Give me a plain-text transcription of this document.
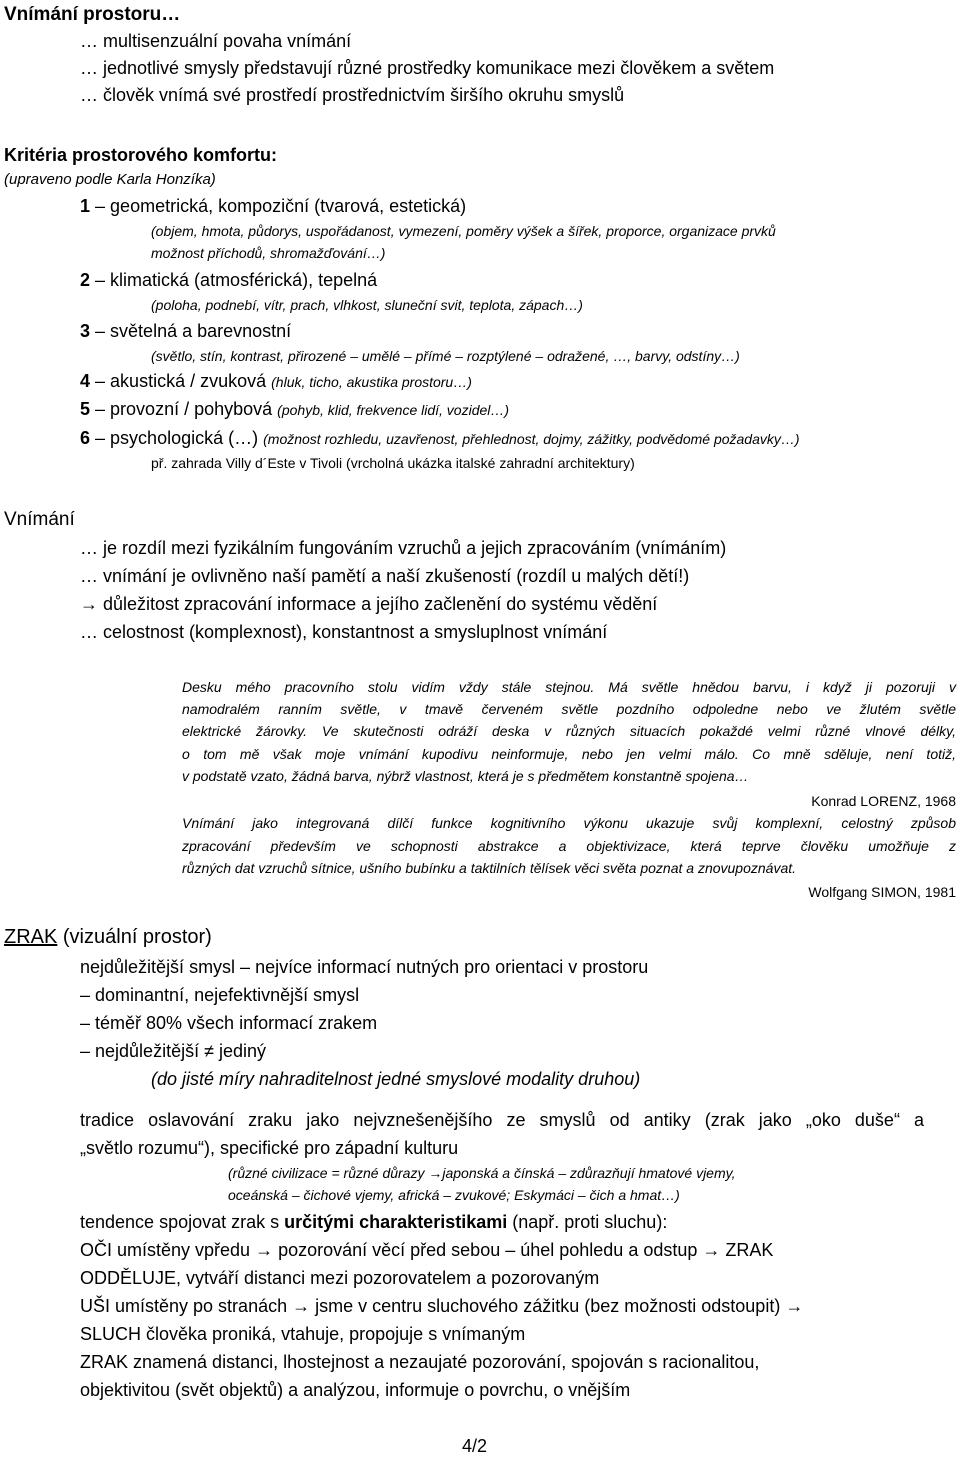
Vnímání prostoru…
… multisenzuální povaha vnímání
… jednotlivé smysly představují různé prostředky komunikace mezi člověkem a světem
… člověk vnímá své prostředí prostřednictvím širšího okruhu smyslů
Kritéria prostorového komfortu:
(upraveno podle Karla Honzíka)
1 – geometrická, kompoziční (tvarová, estetická)
(objem, hmota, půdorys, uspořádanost, vymezení, poměry výšek a šířek, proporce, organizace prvků
možnost příchodů, shromažďování…)
2 – klimatická (atmosférická), tepelná
(poloha, podnebí, vítr, prach, vlhkost, sluneční svit, teplota, zápach…)
3 – světelná a barevnostní
(světlo, stín, kontrast, přirozené – umělé – přímé – rozptýlené – odražené, …, barvy, odstíny…)
4 – akustická / zvuková (hluk, ticho, akustika prostoru…)
5 – provozní / pohybová (pohyb, klid, frekvence lidí, vozidel…)
6 – psychologická (…) (možnost rozhledu, uzavřenost, přehlednost, dojmy, zážitky, podvědomé požadavky…)
př. zahrada Villy d´Este v Tivoli (vrcholná ukázka italské zahradní architektury)
Vnímání
… je rozdíl mezi fyzikálním fungováním vzruchů a jejich zpracováním (vnímáním)
… vnímání je ovlivněno naší pamětí a naší zkušeností (rozdíl u malých dětí!)
→ důležitost zpracování informace a jejího začlenění do systému vědění
… celostnost (komplexnost), konstantnost a smysluplnost vnímání
Desku mého pracovního stolu vidím vždy stále stejnou. Má světle hnědou barvu, i když ji pozoruji v
namodralém ranním světle, v tmavě červeném světle pozdního odpoledne nebo ve žlutém světle
elektrické žárovky. Ve skutečnosti odráží deska v různých situacích pokaždé velmi různé vlnové délky,
o tom mě však moje vnímání kupodivu neinformuje, nebo jen velmi málo. Co mně sděluje, není totiž,
v podstatě vzato, žádná barva, nýbrž vlastnost, která je s předmětem konstantně spojena…
Konrad LORENZ, 1968
Vnímání jako integrovaná dílčí funkce kognitivního výkonu ukazuje svůj komplexní, celostný způsob
zpracování především ve schopnosti abstrakce a objektivizace, která teprve člověku umožňuje z
různých dat vzruchů sítnice, ušního bubínku a taktilních tělísek věci světa poznat a znovupoznávat.
Wolfgang SIMON, 1981
ZRAK (vizuální prostor)
nejdůležitější smysl – nejvíce informací nutných pro orientaci v prostoru
– dominantní, nejefektivnější smysl
– téměř 80% všech informací zrakem
– nejdůležitější ≠ jediný
(do jisté míry nahraditelnost jedné smyslové modality druhou)
tradice oslavování zraku jako nejvznešenějšího ze smyslů od antiky (zrak jako „oko duše“ a
„světlo rozumu“), specifické pro západní kulturu
(různé civilizace = různé důrazy →japonská a čínská – zdůrazňují hmatové vjemy,
oceánská – čichové vjemy, africká – zvukové; Eskymáci – čich a hmat…)
tendence spojovat zrak s určitými charakteristikami (např. proti sluchu):
OČI umístěny vpředu → pozorování věcí před sebou – úhel pohledu a odstup → ZRAK
ODDĚLUJE, vytváří distanci mezi pozorovatelem a pozorovaným
UŠI umístěny po stranách → jsme v centru sluchového zážitku (bez možnosti odstoupit) →
SLUCH člověka proniká, vtahuje, propojuje s vnímaným
ZRAK znamená distanci, lhostejnost a nezaujaté pozorování, spojován s racionalitou,
objektivitou (svět objektů) a analýzou, informuje o povrchu, o vnějším
4/2
